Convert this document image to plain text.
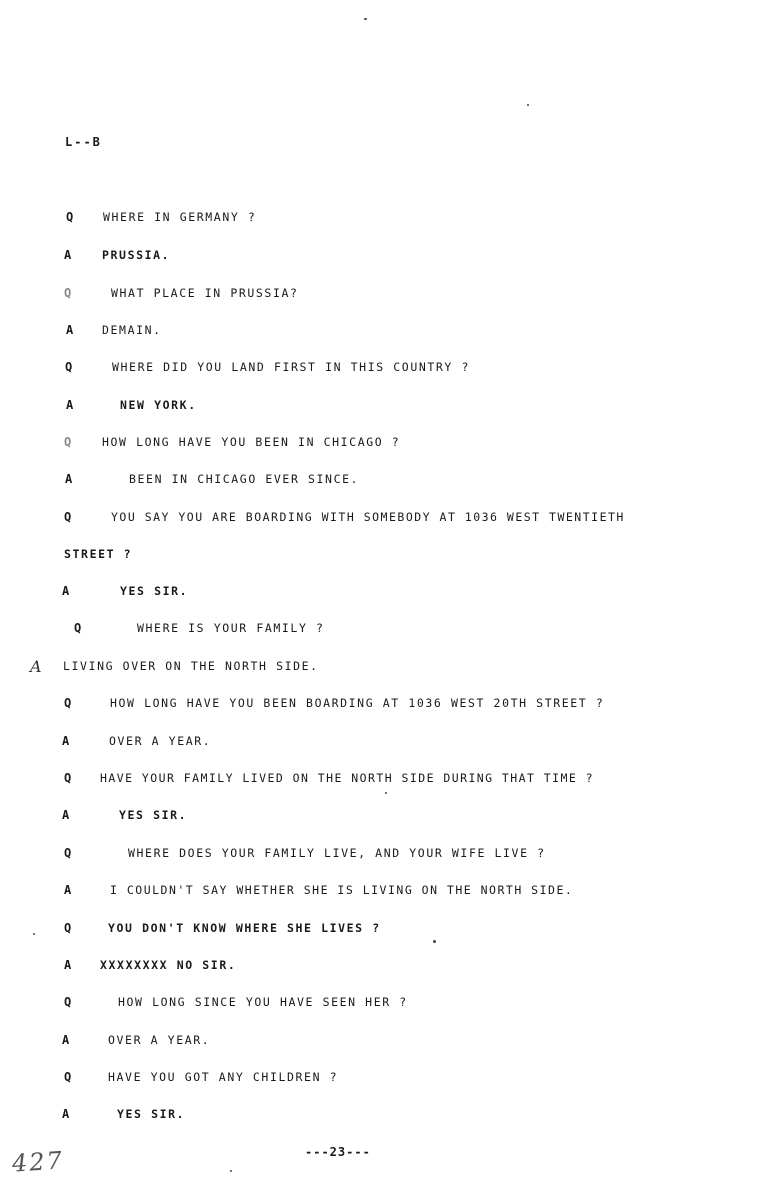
L--B
Q WHERE IN GERMANY ?
A	PRUSSIA.
Q	WHAT PLACE IN PRUSSIA?
A DEMAIN.
Q	WHERE DID YOU LAND FIRST IN THIS COUNTRY ?
A	NEW YORK.
Q	HOW LONG HAVE YOU BEEN IN CHICAGO ?
A	BEEN IN CHICAGO EVER SINCE.
Q	YOU SAY YOU ARE BOARDING WITH SOMEBODY AT 1036 WEST TWENTIETH
STREET ?
A	YES SIR.
Q	WHERE IS YOUR FAMILY ?
LIVING OVER ON THE NORTH SIDE.
Q	HOW LONG HAVE YOU BEEN BOARDING AT 1036 WEST 20TH STREET ?
A	OVER A YEAR.
Q HAVE YOUR FAMILY LIVED ON THE NORTH SIDE DURING THAT TIME ?
A	YES SIR.
Q	WHERE DOES YOUR FAMILY LIVE, AND YOUR WIFE LIVE ?
A	I COULDN'T SAY WHETHER SHE IS LIVING ON THE NORTH SIDE.
Q	YOU DON'T KNOW WHERE SHE LIVES ?
A XXXXXXXX NO SIR.
Q	HOW LONG SINCE YOU HAVE SEEN HER ?
A	OVER A YEAR.
Q	HAVE YOU GOT ANY CHILDREN ?
A	YES SIR.
A
---23---
427
